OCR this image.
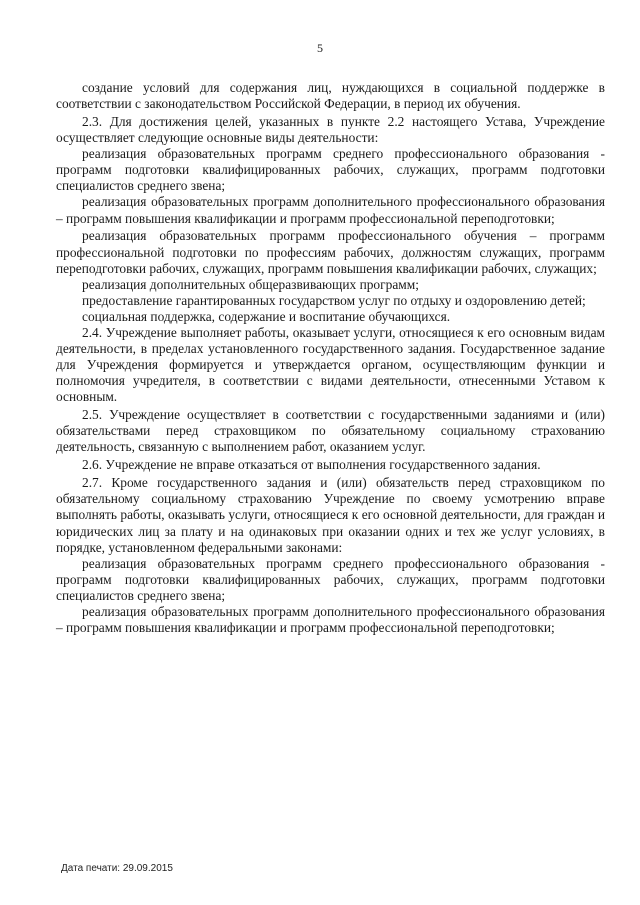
5

создание условий для содержания лиц, нуждающихся в социальной поддержке в соответствии с законодательством Российской Федерации, в период их обучения.

2.3. Для достижения целей, указанных в пункте 2.2 настоящего Устава, Учреждение осуществляет следующие основные виды деятельности:

реализация образовательных программ среднего профессионального образования - программ подготовки квалифицированных рабочих, служащих, программ подготовки специалистов среднего звена;

реализация образовательных программ дополнительного профессионального образования – программ повышения квалификации и программ профессиональной переподготовки;

реализация образовательных программ профессионального обучения – программ профессиональной подготовки по профессиям рабочих, должностям служащих, программ переподготовки рабочих, служащих, программ повышения квалификации рабочих, служащих;

реализация дополнительных общеразвивающих программ;

предоставление гарантированных государством услуг по отдыху и оздоровлению детей;

социальная поддержка, содержание и воспитание обучающихся.

2.4. Учреждение выполняет работы, оказывает услуги, относящиеся к его основным видам деятельности, в пределах установленного государственного задания. Государственное задание для Учреждения формируется и утверждается органом, осуществляющим функции и полномочия учредителя, в соответствии с видами деятельности, отнесенными Уставом к основным.

2.5. Учреждение осуществляет в соответствии с государственными заданиями и (или) обязательствами перед страховщиком по обязательному социальному страхованию деятельность, связанную с выполнением работ, оказанием услуг.

2.6. Учреждение не вправе отказаться от выполнения государственного задания.

2.7. Кроме государственного задания и (или) обязательств перед страховщиком по обязательному социальному страхованию Учреждение по своему усмотрению вправе выполнять работы, оказывать услуги, относящиеся к его основной деятельности, для граждан и юридических лиц за плату и на одинаковых при оказании одних и тех же услуг условиях, в порядке, установленном федеральными законами:

реализация образовательных программ среднего профессионального образования - программ подготовки квалифицированных рабочих, служащих, программ подготовки специалистов среднего звена;

реализация образовательных программ дополнительного профессионального образования – программ повышения квалификации и программ профессиональной переподготовки;

Дата печати: 29.09.2015
